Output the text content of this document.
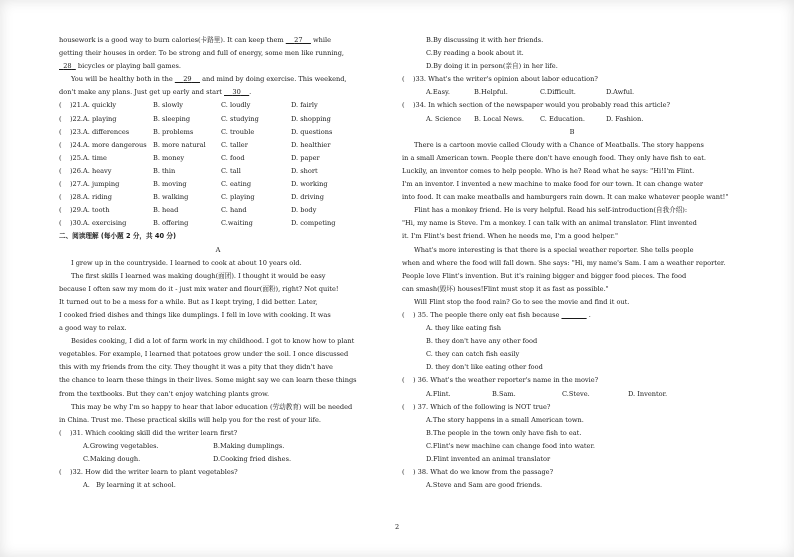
housework is a good way to burn calories(卡路里). It can keep them 27 while
getting their houses in order. To be strong and full of energy, some men like running,
28 bicycles or playing ball games.
You will be healthy both in the 29 and mind by doing exercise. This weekend,
don't make any plans. Just get up early and start 30 .
(    )21. A. quickly	B. slowly	C. loudly	D. fairly
(    )22. A. playing	B. sleeping	C. studying	D. shopping
(    )23. A. differences	B. problems	C. trouble	D. questions
(    )24. A. more dangerous B. more natural	C. taller	D. healthier
(    )25. A. time	B. money	C. food	D. paper
(    )26. A. heavy	B. thin	C. tall	D. short
(    )27. A. jumping	B. moving	C. eating	D. working
(    )28. A. riding	B. walking	C. playing	D. driving
(    )29. A. tooth	B. head	C. hand	D. body
(    )30. A. exercising	B. offering	C.waiting	D. competing
二、阅读理解 (每小题 2 分，共 40 分)
A
I grew up in the countryside. I learned to cook at about 10 years old.
The first skills I learned was making dough(面团). I thought it would be easy
because I often saw my mom do it - just mix water and flour(面粉), right? Not quite!
It turned out to be a mess for a while. But as I kept trying, I did better. Later,
I cooked fried dishes and things like dumplings. I fell in love with cooking. It was
a good way to relax.
Besides cooking, I did a lot of farm work in my childhood. I got to know how to plant
vegetables. For example, I learned that potatoes grow under the soil. I once discussed
this with my friends from the city. They thought it was a pity that they didn't have
the chance to learn these things in their lives. Some might say we can learn these things
from the textbooks. But they can't enjoy watching plants grow.
This may be why I'm so happy to hear that labor education (劳动教育) will be needed
in China. Trust me. These practical skills will help you for the rest of your life.
(    )31. Which cooking skill did the writer learn first?
A.Growing vegetables.	B.Making dumplings.
C.Making dough.	D.Cooking fried dishes.
(    )32. How did the writer learn to plant vegetables?
A.   By learning it at school.
B.By discussing it with her friends.
C.By reading a book about it.
D.By doing it in person(亲自) in her life.
(    )33. What's the writer's opinion about labor education?
A.Easy.	B.Helpful.	C.Difficult.	D.Awful.
(    )34. In which section of the newspaper would you probably read this article?
A. Science	B. Local News.	C. Education.	D. Fashion.
B
There is a cartoon movie called Cloudy with a Chance of Meatballs. The story happens
in a small American town. People there don't have enough food. They only have fish to eat.
Luckily, an inventor comes to help people. Who is he? Read what he says: "Hi!I'm Flint.
I'm an inventor. I invented a new machine to make food for our town. It can change water
into food. It can make meatballs and hamburgers rain down. It can make whatever people want!"
Flint has a monkey friend. He is very helpful. Read his self-introduction(自我介绍):
"Hi, my name is Steve. I'm a monkey. I can talk with an animal translator. Flint invented
it. I'm Flint's best friend. When he needs me, I'm a good helper."
What's more interesting is that there is a special weather reporter. She tells people
when and where the food will fall down. She says: "Hi, my name's Sam. I am a weather reporter.
People love Flint's invention. But it's raining bigger and bigger food pieces. The food
can smash(毁坏) houses!Flint must stop it as fast as possible."
Will Flint stop the food rain? Go to see the movie and find it out.
(    ) 35. The people there only eat fish because	.
A. they like eating fish
B. they don't have any other food
C. they can catch fish easily
D. they don't like eating other food
(    ) 36. What's the weather reporter's name in the movie?
A.Flint.	B.Sam.	C.Steve.	D. Inventor.
(    ) 37. Which of the following is NOT true?
A.The story happens in a small American town.
B.The people in the town only have fish to eat.
C.Flint's new machine can change food into water.
D.Flint invented an animal translator
(    ) 38. What do we know from the passage?
A.Steve and Sam are good friends.
2
